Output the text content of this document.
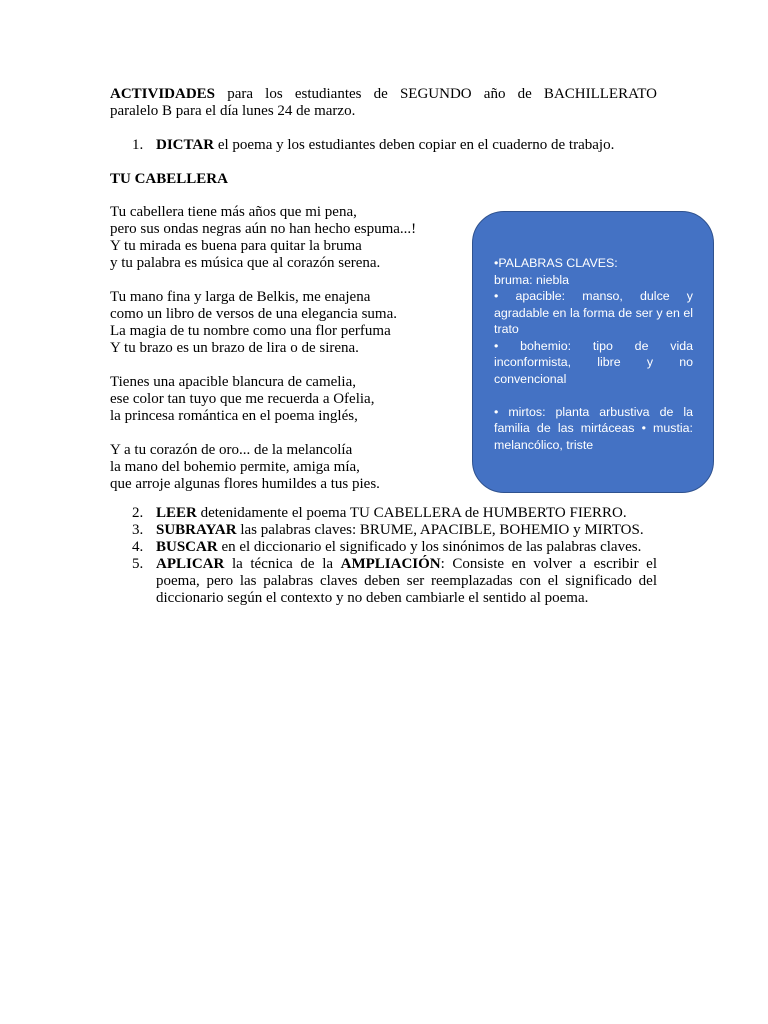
ACTIVIDADES para los estudiantes de SEGUNDO año de BACHILLERATO
paralelo B para el día lunes 24 de marzo.
1. DICTAR el poema y los estudiantes deben copiar en el cuaderno de trabajo.
TU CABELLERA
Tu cabellera tiene más años que mi pena,
pero sus ondas negras aún no han hecho espuma...!
Y tu mirada es buena para quitar la bruma
y tu palabra es música que al corazón serena.
Tu mano fina y larga de Belkis, me enajena
como un libro de versos de una elegancia suma.
La magia de tu nombre como una flor perfuma
Y tu brazo es un brazo de lira o de sirena.
Tienes una apacible blancura de camelia,
ese color tan tuyo que me recuerda a Ofelia,
la princesa romántica en el poema inglés,
Y a tu corazón de oro... de la melancolía
la mano del bohemio permite, amiga mía,
que arroje algunas flores humildes a tus pies.
•PALABRAS CLAVES:
bruma: niebla
• apacible: manso, dulce y agradable en la forma de ser y en el trato
• bohemio: tipo de vida inconformista, libre y no convencional
• mirtos: planta arbustiva de la familia de las mirtáceas • mustia: melancólico, triste
2. LEER detenidamente el poema TU CABELLERA de HUMBERTO FIERRO.
3. SUBRAYAR las palabras claves: BRUME, APACIBLE, BOHEMIO y MIRTOS.
4. BUSCAR en el diccionario el significado y los sinónimos de las palabras claves.
5. APLICAR la técnica de la AMPLIACIÓN: Consiste en volver a escribir el poema, pero las palabras claves deben ser reemplazadas con el significado del diccionario según el contexto y no deben cambiarle el sentido al poema.
